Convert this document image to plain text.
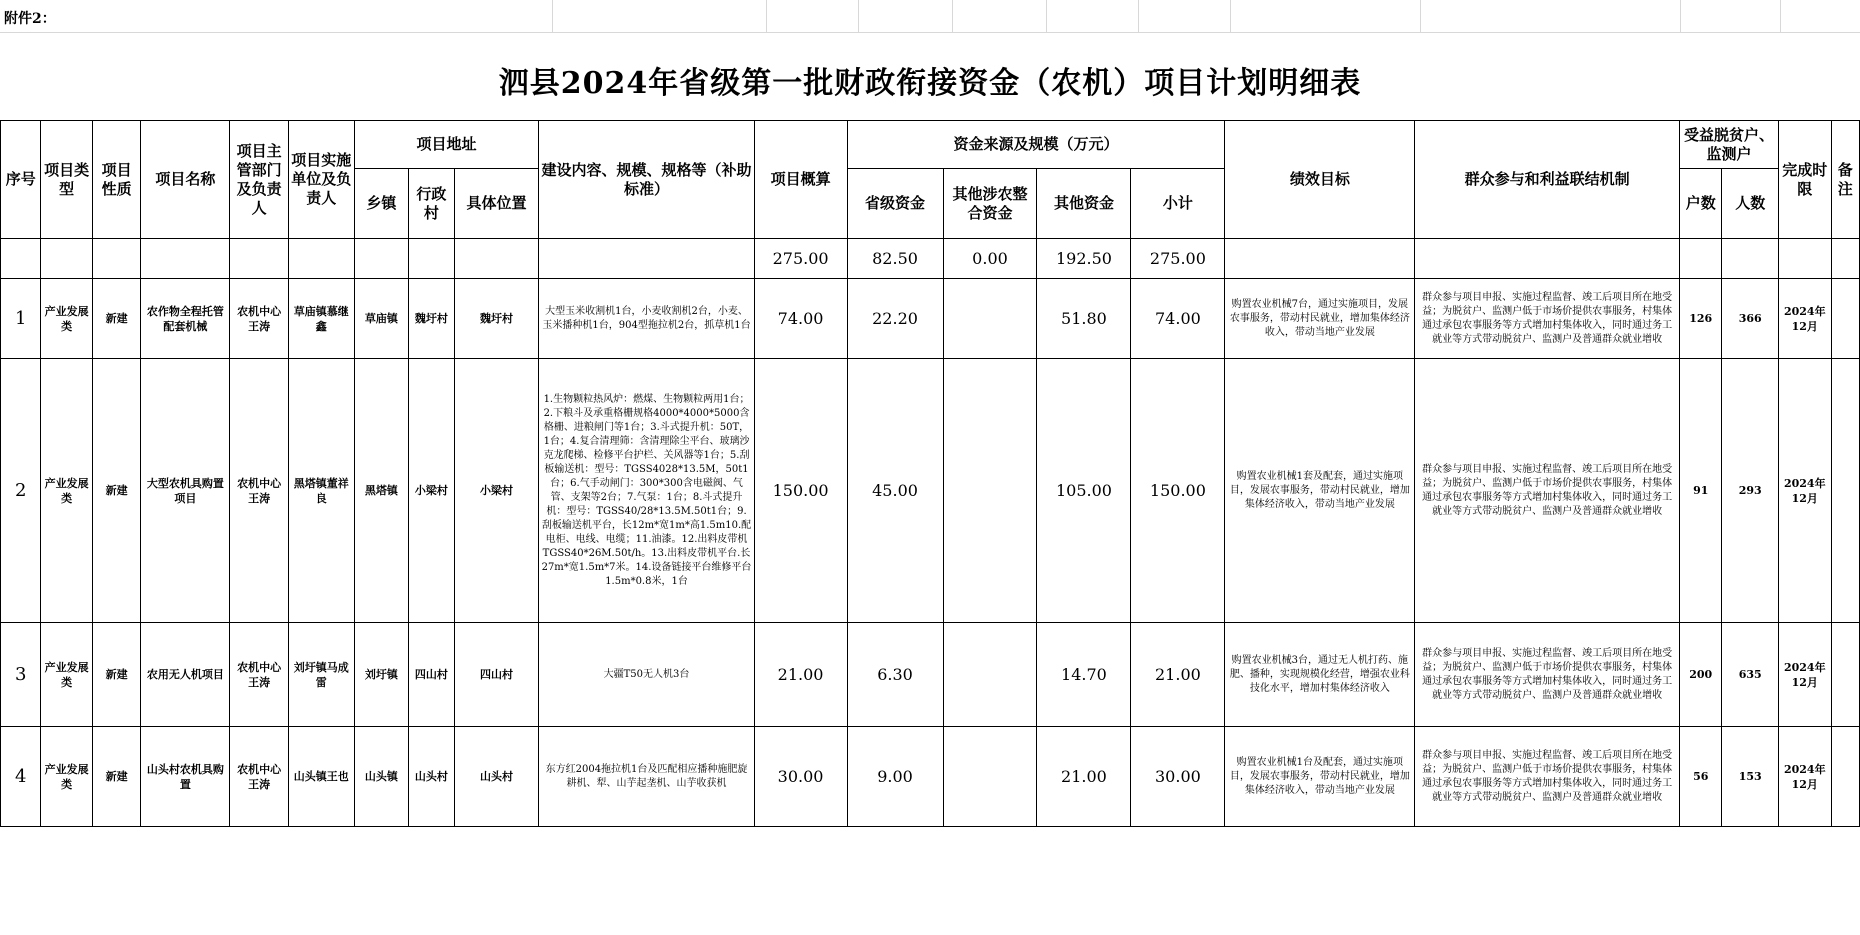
附件2：
泗县2024年省级第一批财政衔接资金（农机）项目计划明细表
序号	项目类型	项目性质	项目名称	项目主管部门及负责人	项目实施单位及负责人	项目地址			建设内容、规模、规格等（补助标准）	项目概算	资金来源及规模（万元）				绩效目标	群众参与和利益联结机制	受益脱贫户、监测户		完成时限	备注
						乡镇	行政村	具体位置			省级资金	其他涉农整合资金	其他资金	小计			户数	人数		
										275.00	82.50	0.00	192.50	275.00						
1	产业发展类	新建	农作物全程托管配套机械	农机中心王涛	草庙镇慕继鑫	草庙镇	魏圩村	魏圩村	大型玉米收割机1台，小麦收割机2台，小麦、玉米播种机1台，904型拖拉机2台，抓草机1台	74.00	22.20		51.80	74.00	购置农业机械7台，通过实施项目，发展农事服务，带动村民就业，增加集体经济收入，带动当地产业发展	群众参与项目申报、实施过程监督、竣工后项目所在地受益；为脱贫户、监测户低于市场价提供农事服务，村集体通过承包农事服务等方式增加村集体收入，同时通过务工就业等方式带动脱贫户、监测户及普通群众就业增收	126	366	2024年12月	
2	产业发展类	新建	大型农机具购置项目	农机中心王涛	黑塔镇董祥良	黑塔镇	小梁村	小梁村	1.生物颗粒热风炉：燃煤、生物颗粒两用1台；2.下粮斗及承重格栅规格4000*4000*5000含格栅、进粮闸门等1台；3.斗式提升机：50T，1台；4.复合清理筛：含清理除尘平台、玻璃沙克龙爬梯、检修平台护栏、关风器等1台；5.刮板输送机：型号：TGSS4028*13.5M，50t1台；6.气手动闸门：300*300含电磁阀、气管、支架等2台；7.气泵：1台；8.斗式提升机：型号：TGSS40/28*13.5M.50t1台；9.刮板输送机平台，长12m*宽1m*高1.5m10.配电柜、电线、电缆；11.油漆。12.出料皮带机TGSS40*26M.50t/h。13.出料皮带机平台.长27m*宽1.5m*7米。14.设备链接平台维修平台1.5m*0.8米，1台	150.00	45.00		105.00	150.00	购置农业机械1套及配套，通过实施项目，发展农事服务，带动村民就业，增加集体经济收入，带动当地产业发展	群众参与项目申报、实施过程监督、竣工后项目所在地受益；为脱贫户、监测户低于市场价提供农事服务，村集体通过承包农事服务等方式增加村集体收入，同时通过务工就业等方式带动脱贫户、监测户及普通群众就业增收	91	293	2024年12月	
3	产业发展类	新建	农用无人机项目	农机中心王涛	刘圩镇马成雷	刘圩镇	四山村	四山村	大疆T50无人机3台	21.00	6.30		14.70	21.00	购置农业机械3台，通过无人机打药、施肥、播种，实现规模化经营，增强农业科技化水平，增加村集体经济收入	群众参与项目申报、实施过程监督、竣工后项目所在地受益；为脱贫户、监测户低于市场价提供农事服务，村集体通过承包农事服务等方式增加村集体收入，同时通过务工就业等方式带动脱贫户、监测户及普通群众就业增收	200	635	2024年12月	
4	产业发展类	新建	山头村农机具购置	农机中心王涛	山头镇王也	山头镇	山头村	山头村	东方红2004拖拉机1台及匹配相应播种施肥旋耕机、犁、山芋起垄机、山芋收获机	30.00	9.00		21.00	30.00	购置农业机械1台及配套，通过实施项目，发展农事服务，带动村民就业，增加集体经济收入，带动当地产业发展	群众参与项目申报、实施过程监督、竣工后项目所在地受益；为脱贫户、监测户低于市场价提供农事服务，村集体通过承包农事服务等方式增加村集体收入，同时通过务工就业等方式带动脱贫户、监测户及普通群众就业增收	56	153	2024年12月	
